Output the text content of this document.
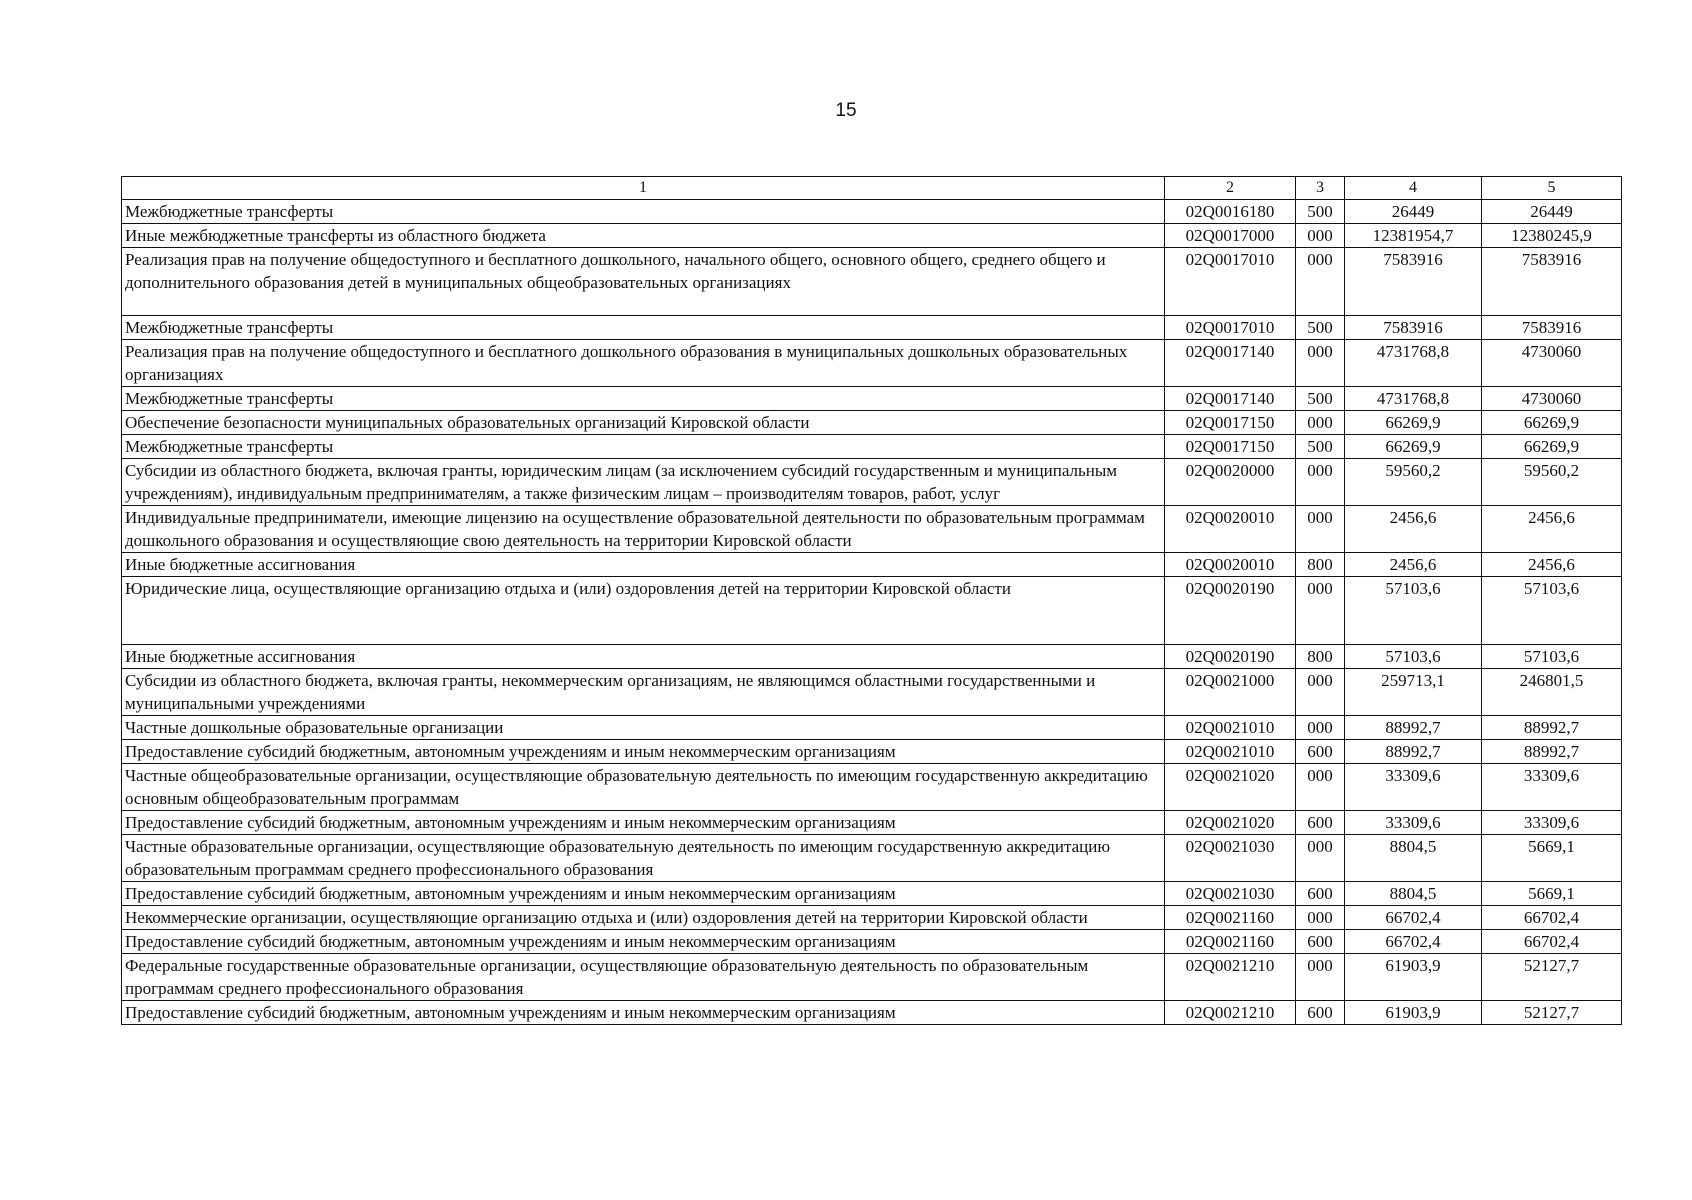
15
1	2	3	4	5
Межбюджетные трансферты	02Q0016180	500	26449	26449
Иные межбюджетные трансферты из областного бюджета	02Q0017000	000	12381954,7	12380245,9
Реализация прав на получение общедоступного и бесплатного дошкольного, начального общего, основного общего, среднего общего и дополнительного образования детей в муниципальных общеобразовательных организациях	02Q0017010	000	7583916	7583916
Межбюджетные трансферты	02Q0017010	500	7583916	7583916
Реализация прав на получение общедоступного и бесплатного дошкольного образования в муниципальных дошкольных образовательных организациях	02Q0017140	000	4731768,8	4730060
Межбюджетные трансферты	02Q0017140	500	4731768,8	4730060
Обеспечение безопасности муниципальных образовательных организаций Кировской области	02Q0017150	000	66269,9	66269,9
Межбюджетные трансферты	02Q0017150	500	66269,9	66269,9
Субсидии из областного бюджета, включая гранты, юридическим лицам (за исключением субсидий государственным и муниципальным учреждениям), индивидуальным предпринимателям, а также физическим лицам – производителям товаров, работ, услуг	02Q0020000	000	59560,2	59560,2
Индивидуальные предприниматели, имеющие лицензию на осуществление образовательной деятельности по образовательным программам дошкольного образования и осуществляющие свою деятельность на территории Кировской области	02Q0020010	000	2456,6	2456,6
Иные бюджетные ассигнования	02Q0020010	800	2456,6	2456,6
Юридические лица, осуществляющие организацию отдыха и (или) оздоровления детей на территории Кировской области	02Q0020190	000	57103,6	57103,6
Иные бюджетные ассигнования	02Q0020190	800	57103,6	57103,6
Субсидии из областного бюджета, включая гранты, некоммерческим организациям, не являющимся областными государственными и муниципальными учреждениями	02Q0021000	000	259713,1	246801,5
Частные дошкольные образовательные организации	02Q0021010	000	88992,7	88992,7
Предоставление субсидий бюджетным, автономным учреждениям и иным некоммерческим организациям	02Q0021010	600	88992,7	88992,7
Частные общеобразовательные организации, осуществляющие образовательную деятельность по имеющим государственную аккредитацию основным общеобразовательным программам	02Q0021020	000	33309,6	33309,6
Предоставление субсидий бюджетным, автономным учреждениям и иным некоммерческим организациям	02Q0021020	600	33309,6	33309,6
Частные образовательные организации, осуществляющие образовательную деятельность по имеющим государственную аккредитацию образовательным программам среднего профессионального образования	02Q0021030	000	8804,5	5669,1
Предоставление субсидий бюджетным, автономным учреждениям и иным некоммерческим организациям	02Q0021030	600	8804,5	5669,1
Некоммерческие организации, осуществляющие организацию отдыха и (или) оздоровления детей на территории Кировской области	02Q0021160	000	66702,4	66702,4
Предоставление субсидий бюджетным, автономным учреждениям и иным некоммерческим организациям	02Q0021160	600	66702,4	66702,4
Федеральные государственные образовательные организации, осуществляющие образовательную деятельность по образовательным программам среднего профессионального образования	02Q0021210	000	61903,9	52127,7
Предоставление субсидий бюджетным, автономным учреждениям и иным некоммерческим организациям	02Q0021210	600	61903,9	52127,7
